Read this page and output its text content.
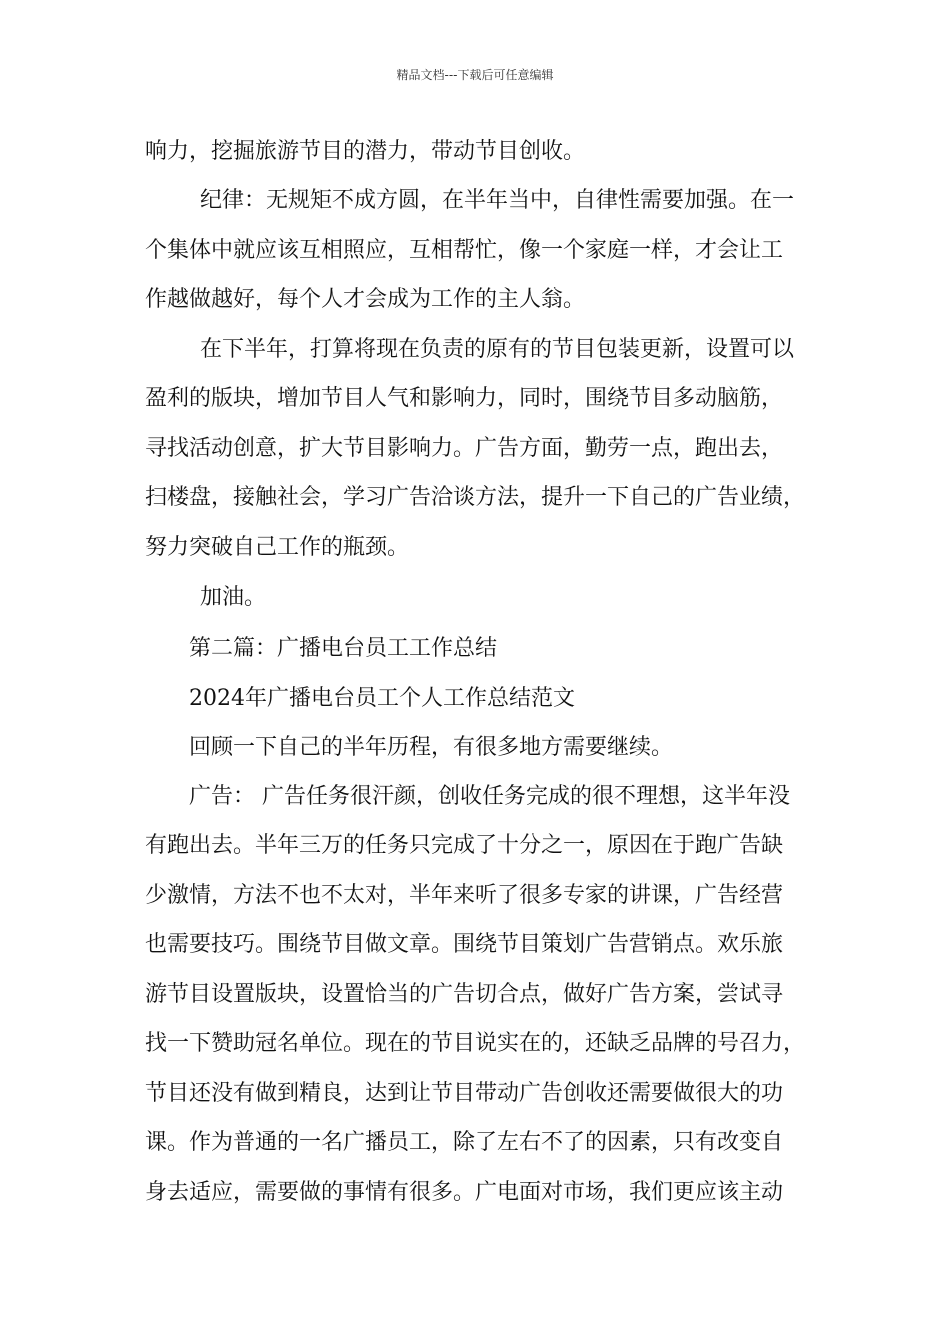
精品文档---下载后可任意编辑
响力，挖掘旅游节目的潜力，带动节目创收。
纪律：无规矩不成方圆，在半年当中，自律性需要加强。在一
个集体中就应该互相照应，互相帮忙，像一个家庭一样，才会让工
作越做越好，每个人才会成为工作的主人翁。
在下半年，打算将现在负责的原有的节目包装更新，设置可以
盈利的版块，增加节目人气和影响力，同时，围绕节目多动脑筋，
寻找活动创意，扩大节目影响力。广告方面，勤劳一点，跑出去，
扫楼盘，接触社会，学习广告洽谈方法，提升一下自己的广告业绩，
努力突破自己工作的瓶颈。
加油。
第二篇：广播电台员工工作总结
2024年广播电台员工个人工作总结范文
回顾一下自己的半年历程，有很多地方需要继续。
广告： 广告任务很汗颜，创收任务完成的很不理想，这半年没
有跑出去。半年三万的任务只完成了十分之一，原因在于跑广告缺
少激情，方法不也不太对，半年来听了很多专家的讲课，广告经营
也需要技巧。围绕节目做文章。围绕节目策划广告营销点。欢乐旅
游节目设置版块，设置恰当的广告切合点，做好广告方案，尝试寻
找一下赞助冠名单位。现在的节目说实在的，还缺乏品牌的号召力，
节目还没有做到精良，达到让节目带动广告创收还需要做很大的功
课。作为普通的一名广播员工，除了左右不了的因素，只有改变自
身去适应，需要做的事情有很多。广电面对市场，我们更应该主动
